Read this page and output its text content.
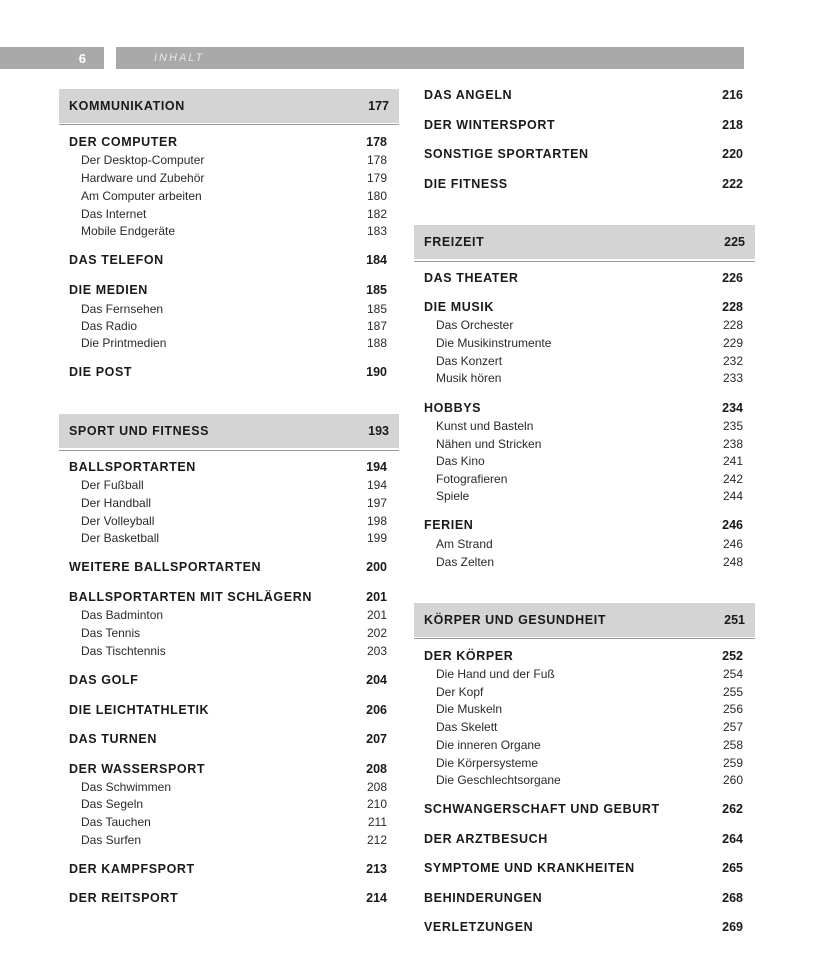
6	INHALT
KOMMUNIKATION	177
DER COMPUTER	178
Der Desktop-Computer	178
Hardware und Zubehör	179
Am Computer arbeiten	180
Das Internet	182
Mobile Endgeräte	183
DAS TELEFON	184
DIE MEDIEN	185
Das Fernsehen	185
Das Radio	187
Die Printmedien	188
DIE POST	190
SPORT UND FITNESS	193
BALLSPORTARTEN	194
Der Fußball	194
Der Handball	197
Der Volleyball	198
Der Basketball	199
WEITERE BALLSPORTARTEN	200
BALLSPORTARTEN MIT SCHLÄGERN	201
Das Badminton	201
Das Tennis	202
Das Tischtennis	203
DAS GOLF	204
DIE LEICHTATHLETIK	206
DAS TURNEN	207
DER WASSERSPORT	208
Das Schwimmen	208
Das Segeln	210
Das Tauchen	211
Das Surfen	212
DER KAMPFSPORT	213
DER REITSPORT	214
DAS ANGELN	216
DER WINTERSPORT	218
SONSTIGE SPORTARTEN	220
DIE FITNESS	222
FREIZEIT	225
DAS THEATER	226
DIE MUSIK	228
Das Orchester	228
Die Musikinstrumente	229
Das Konzert	232
Musik hören	233
HOBBYS	234
Kunst und Basteln	235
Nähen und Stricken	238
Das Kino	241
Fotografieren	242
Spiele	244
FERIEN	246
Am Strand	246
Das Zelten	248
KÖRPER UND GESUNDHEIT	251
DER KÖRPER	252
Die Hand und der Fuß	254
Der Kopf	255
Die Muskeln	256
Das Skelett	257
Die inneren Organe	258
Die Körpersysteme	259
Die Geschlechtsorgane	260
SCHWANGERSCHAFT UND GEBURT	262
DER ARZTBESUCH	264
SYMPTOME UND KRANKHEITEN	265
BEHINDERUNGEN	268
VERLETZUNGEN	269
